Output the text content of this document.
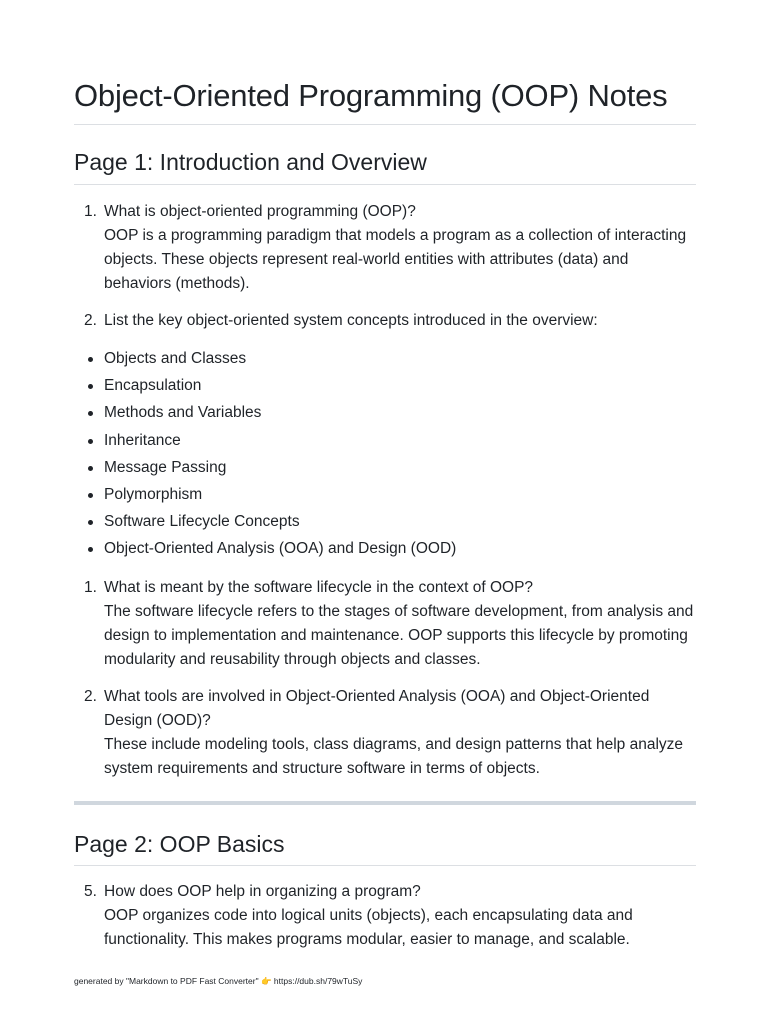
Object-Oriented Programming (OOP) Notes
Page 1: Introduction and Overview
1. What is object-oriented programming (OOP)?
OOP is a programming paradigm that models a program as a collection of interacting objects. These objects represent real-world entities with attributes (data) and behaviors (methods).
2. List the key object-oriented system concepts introduced in the overview:
Objects and Classes
Encapsulation
Methods and Variables
Inheritance
Message Passing
Polymorphism
Software Lifecycle Concepts
Object-Oriented Analysis (OOA) and Design (OOD)
1. What is meant by the software lifecycle in the context of OOP?
The software lifecycle refers to the stages of software development, from analysis and design to implementation and maintenance. OOP supports this lifecycle by promoting modularity and reusability through objects and classes.
2. What tools are involved in Object-Oriented Analysis (OOA) and Object-Oriented Design (OOD)?
These include modeling tools, class diagrams, and design patterns that help analyze system requirements and structure software in terms of objects.
Page 2: OOP Basics
5. How does OOP help in organizing a program?
OOP organizes code into logical units (objects), each encapsulating data and functionality. This makes programs modular, easier to manage, and scalable.
generated by "Markdown to PDF Fast Converter" 👉 https://dub.sh/79wTuSy
